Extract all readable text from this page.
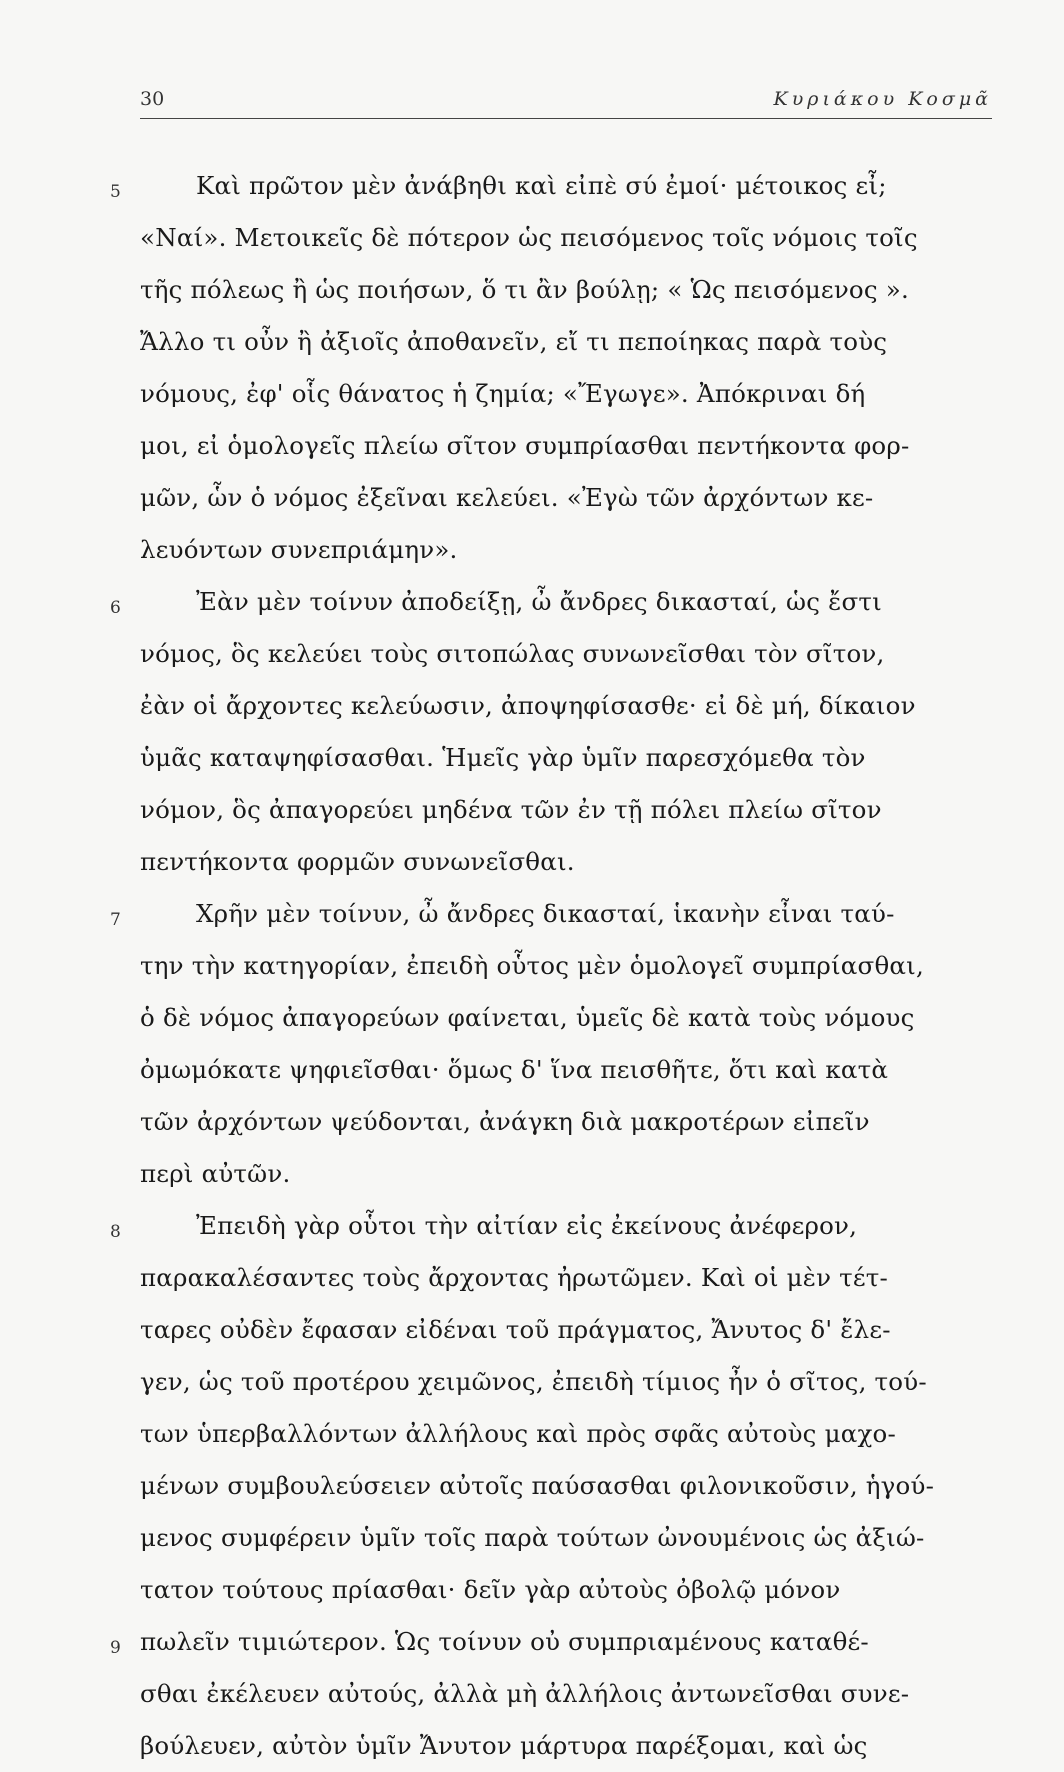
30	Κυριάκου Κοσμᾶ
5	Καὶ πρῶτον μὲν ἀνάβηθι καὶ εἰπὲ σύ ἐμοί· μέτοικος εἶ;
«Ναί». Μετοικεῖς δὲ πότερον ὡς πεισόμενος τοῖς νόμοις τοῖς
τῆς πόλεως ἢ ὡς ποιήσων, ὅ τι ἂν βούλῃ; « Ὡς πεισόμενος ».
Ἄλλο τι οὖν ἢ ἀξιοῖς ἀποθανεῖν, εἴ τι πεποίηκας παρὰ τοὺς
νόμους, ἐφ' οἷς θάνατος ἡ ζημία; «Ἔγωγε». Ἀπόκριναι δή
μοι, εἰ ὁμολογεῖς πλείω σῖτον συμπρίασθαι πεντήκοντα φορ-
μῶν, ὧν ὁ νόμος ἐξεῖναι κελεύει. «Ἐγὼ τῶν ἀρχόντων κε-
λευόντων συνεπριάμην».
6	Ἐὰν μὲν τοίνυν ἀποδείξῃ, ὦ ἄνδρες δικασταί, ὡς ἔστι
νόμος, ὃς κελεύει τοὺς σιτοπώλας συνωνεῖσθαι τὸν σῖτον,
ἐὰν οἱ ἄρχοντες κελεύωσιν, ἀποψηφίσασθε· εἰ δὲ μή, δίκαιον
ὑμᾶς καταψηφίσασθαι. Ἡμεῖς γὰρ ὑμῖν παρεσχόμεθα τὸν
νόμον, ὃς ἀπαγορεύει μηδένα τῶν ἐν τῇ πόλει πλείω σῖτον
πεντήκοντα φορμῶν συνωνεῖσθαι.
7	Χρῆν μὲν τοίνυν, ὦ ἄνδρες δικασταί, ἱκανὴν εἶναι ταύ-
την τὴν κατηγορίαν, ἐπειδὴ οὗτος μὲν ὁμολογεῖ συμπρίασθαι,
ὁ δὲ νόμος ἀπαγορεύων φαίνεται, ὑμεῖς δὲ κατὰ τοὺς νόμους
ὀμωμόκατε ψηφιεῖσθαι· ὅμως δ' ἵνα πεισθῆτε, ὅτι καὶ κατὰ
τῶν ἀρχόντων ψεύδονται, ἀνάγκη διὰ μακροτέρων εἰπεῖν
περὶ αὐτῶν.
8	Ἐπειδὴ γὰρ οὗτοι τὴν αἰτίαν εἰς ἐκείνους ἀνέφερον,
παρακαλέσαντες τοὺς ἄρχοντας ἠρωτῶμεν. Καὶ οἱ μὲν τέτ-
ταρες οὐδὲν ἔφασαν εἰδέναι τοῦ πράγματος, Ἄνυτος δ' ἔλε-
γεν, ὡς τοῦ προτέρου χειμῶνος, ἐπειδὴ τίμιος ἦν ὁ σῖτος, τού-
των ὑπερβαλλόντων ἀλλήλους καὶ πρὸς σφᾶς αὐτοὺς μαχο-
μένων συμβουλεύσειεν αὐτοῖς παύσασθαι φιλονικοῦσιν, ἡγού-
μενος συμφέρειν ὑμῖν τοῖς παρὰ τούτων ὠνουμένοις ὡς ἀξιώ-
τατον τούτους πρίασθαι· δεῖν γὰρ αὐτοὺς ὀβολῷ μόνον
9 πωλεῖν τιμιώτερον. Ὡς τοίνυν οὐ συμπριαμένους καταθέ-
σθαι ἐκέλευεν αὐτούς, ἀλλὰ μὴ ἀλλήλοις ἀντωνεῖσθαι συνε-
βούλευεν, αὐτὸν ὑμῖν Ἄνυτον μάρτυρα παρέξομαι, καὶ ὡς
